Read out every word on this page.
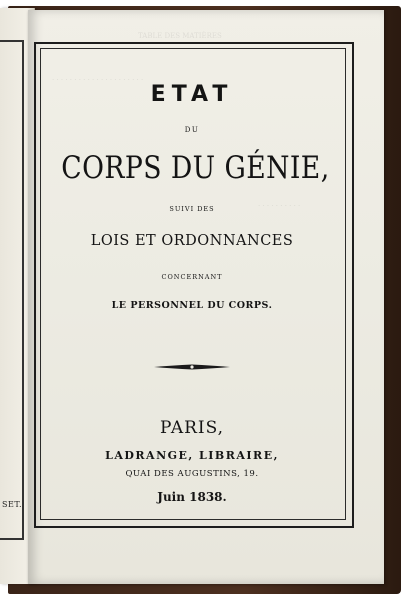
SET.
TABLE DES MATIÈRES
. . . . . . . . . . . . . . . . . . . . .
. . . . . . . . . .
ETAT
DU
CORPS DU GÉNIE,
SUIVI DES
LOIS ET ORDONNANCES
CONCERNANT
LE PERSONNEL DU CORPS.
PARIS,
LADRANGE, LIBRAIRE,
QUAI DES AUGUSTINS, 19.
Juin 1838.
